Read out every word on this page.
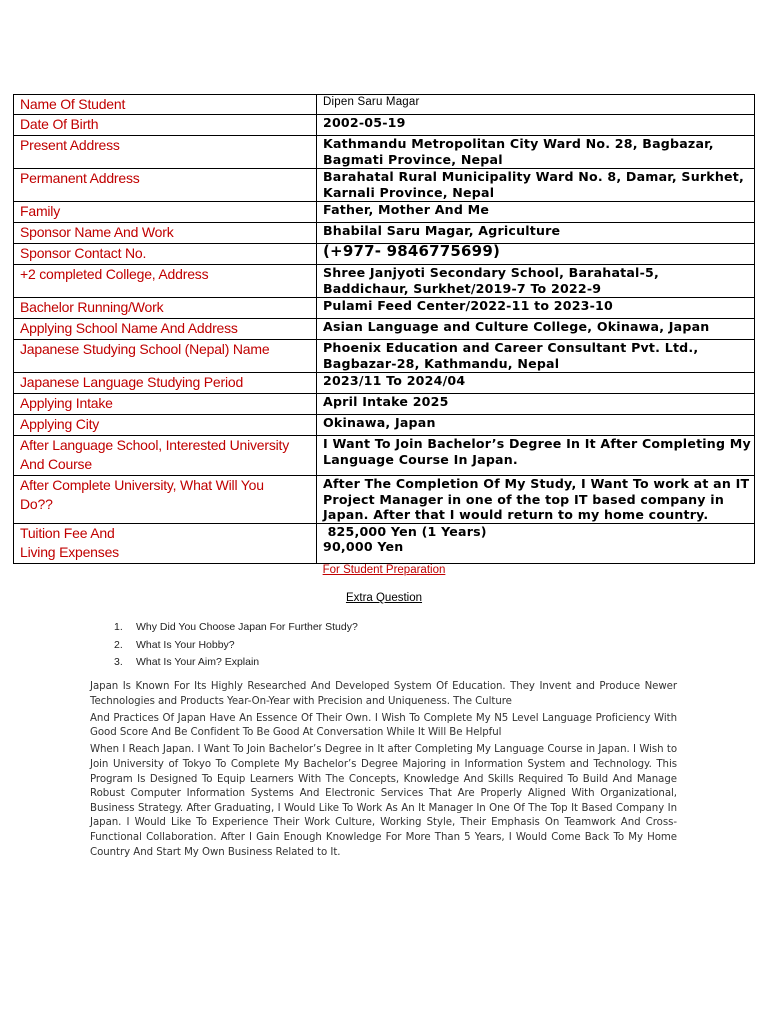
Name Of Student	Dipen Saru Magar

Date Of Birth	2002-05-19

Present Address	Kathmandu Metropolitan City Ward No. 28, Bagbazar,
Bagmati Province, Nepal

Permanent Address	Barahatal Rural Municipality Ward No. 8, Damar, Surkhet,
Karnali Province, Nepal

Family	Father, Mother And Me

Sponsor Name And Work	Bhabilal Saru Magar, Agriculture

Sponsor Contact No.	(+977- 9846775699)

+2 completed College, Address	Shree Janjyoti Secondary School, Barahatal-5,
Baddichaur, Surkhet/2019-7 To 2022-9

Bachelor Running/Work	Pulami Feed Center/2022-11 to 2023-10

Applying School Name And Address	Asian Language and Culture College, Okinawa, Japan

Japanese Studying School (Nepal) Name	Phoenix Education and Career Consultant Pvt. Ltd.,
Bagbazar-28, Kathmandu, Nepal

Japanese Language Studying Period	2023/11 To 2024/04

Applying Intake	April Intake 2025

Applying City	Okinawa, Japan

After Language School, Interested University
And Course	I Want To Join Bachelor’s Degree In It After Completing My
Language Course In Japan.

After Complete University, What Will You
Do??	After The Completion Of My Study, I Want To work at an IT
Project Manager in one of the top IT based company in
Japan. After that I would return to my home country.

Tuition Fee And
Living Expenses	825,000 Yen (1 Years)
90,000 Yen
For Student Preparation
Extra Question
1. Why Did You Choose Japan For Further Study?
2. What Is Your Hobby?
3. What Is Your Aim? Explain

Japan Is Known For Its Highly Researched And Developed System Of Education. They Invent and Produce Newer Technologies and Products Year-On-Year with Precision and Uniqueness. The Culture

And Practices Of Japan Have An Essence Of Their Own. I Wish To Complete My N5 Level Language Proficiency With Good Score And Be Confident To Be Good At Conversation While It Will Be Helpful

When I Reach Japan. I Want To Join Bachelor’s Degree in It after Completing My Language Course in Japan. I Wish to Join University of Tokyo To Complete My Bachelor’s Degree Majoring in Information System and Technology. This Program Is Designed To Equip Learners With The Concepts, Knowledge And Skills Required To Build And Manage Robust Computer Information Systems And Electronic Services That Are Properly Aligned With Organizational, Business Strategy. After Graduating, I Would Like To Work As An It Manager In One Of The Top It Based Company In Japan. I Would Like To Experience Their Work Culture, Working Style, Their Emphasis On Teamwork And Cross-Functional Collaboration. After I Gain Enough Knowledge For More Than 5 Years, I Would Come Back To My Home Country And Start My Own Business Related to It.
